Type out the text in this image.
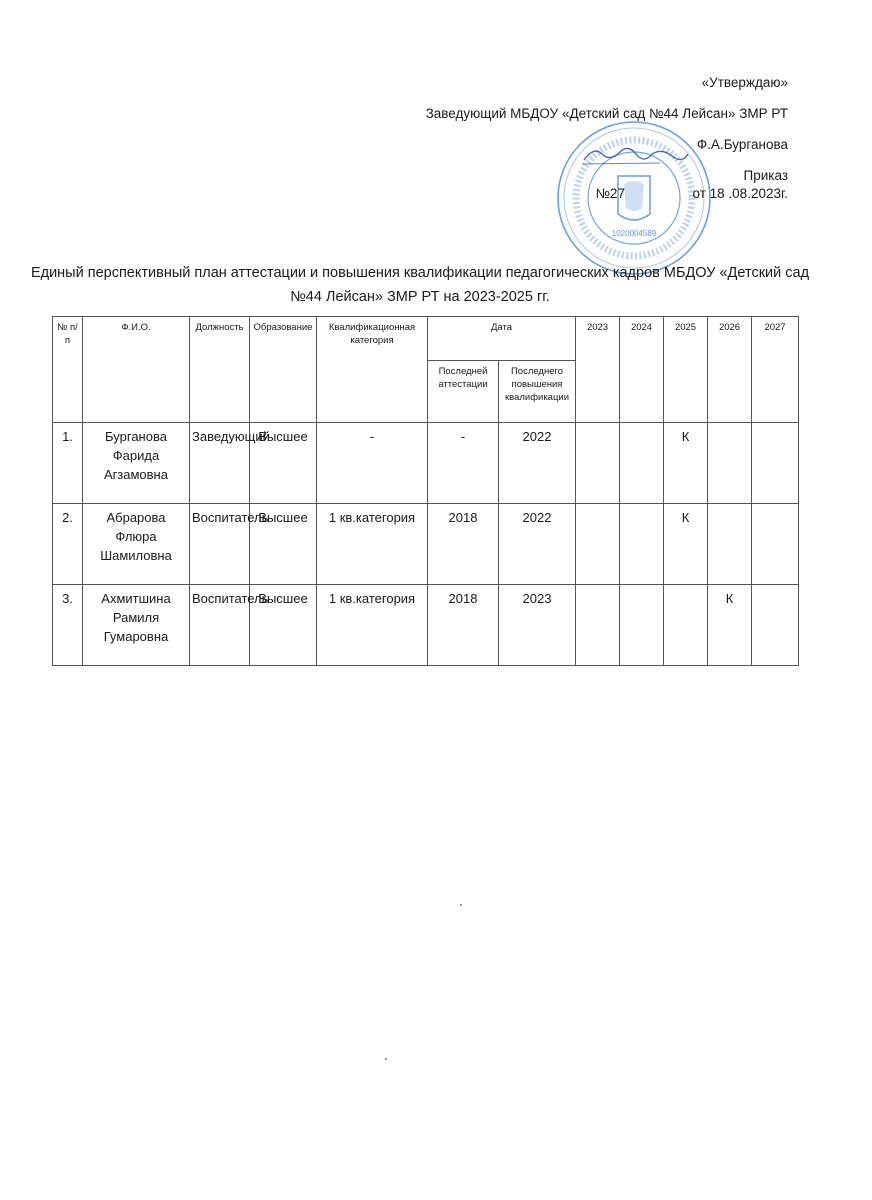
1020004589
«Утверждаю»
Заведующий МБДОУ «Детский сад №44 Лейсан» ЗМР РТ
Ф.А.Бурганова
Приказ
№27	от 18 .08.2023г.
Единый перспективный план аттестации и повышения квалификации педагогических кадров МБДОУ «Детский сад №44 Лейсан» ЗМР РТ на 2023-2025 гг.
№ п/п	Ф.И.О.	Должность	Образование	Квалификационная категория	Дата		2023	2024	2025	2026	2027
					Последней аттестации	Последнего повышения квалификации					
1.	Бурганова Фарида Агзамовна	Заведующий	Высшее	-	-	2022			К		
2.	Абрарова Флюра Шамиловна	Воспитатель	Высшее	1 кв.категория	2018	2022			К		
3.	Ахмитшина Рамиля Гумаровна	Воспитатель	Высшее	1 кв.категория	2018	2023				К	
